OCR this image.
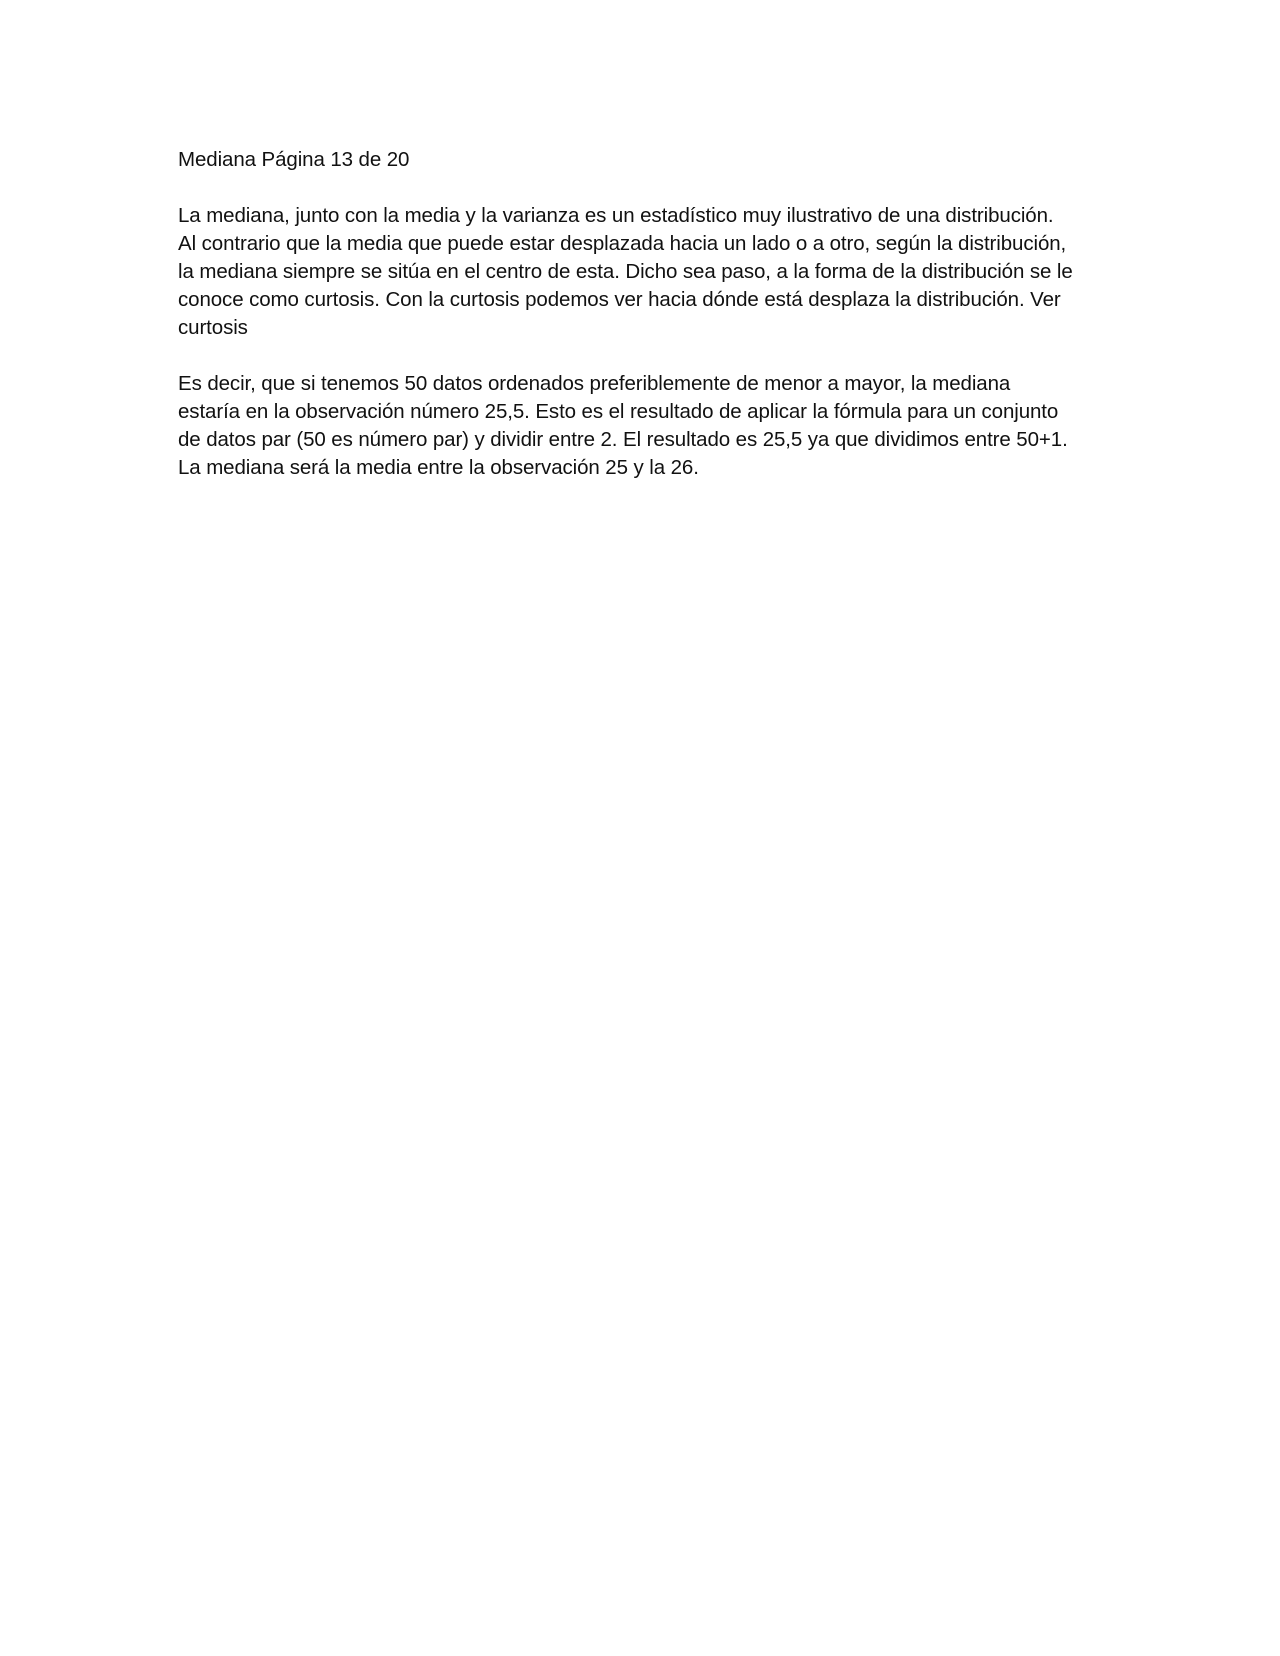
Mediana Página 13 de 20

La mediana, junto con la media y la varianza es un estadístico muy ilustrativo de una distribución.
Al contrario que la media que puede estar desplazada hacia un lado o a otro, según la distribución,
la mediana siempre se sitúa en el centro de esta. Dicho sea paso, a la forma de la distribución se le
conoce como curtosis. Con la curtosis podemos ver hacia dónde está desplaza la distribución. Ver
curtosis

Es decir, que si tenemos 50 datos ordenados preferiblemente de menor a mayor, la mediana
estaría en la observación número 25,5. Esto es el resultado de aplicar la fórmula para un conjunto
de datos par (50 es número par) y dividir entre 2. El resultado es 25,5 ya que dividimos entre 50+1.
La mediana será la media entre la observación 25 y la 26.
